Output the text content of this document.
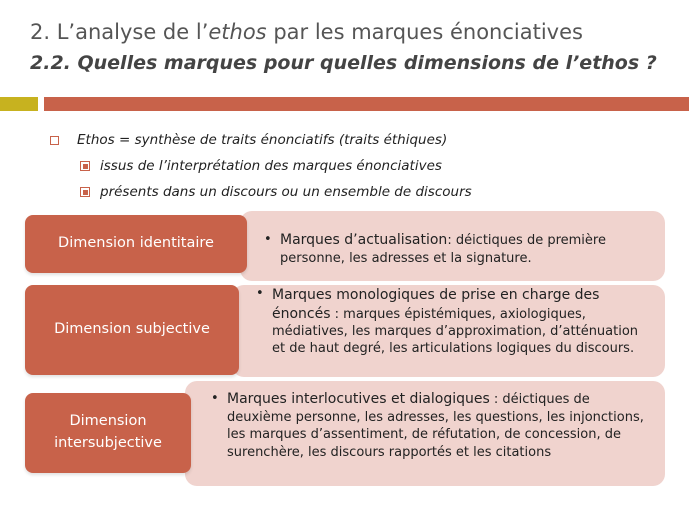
2. L’analyse de l’ethos par les marques énonciatives
2.2. Quelles marques pour quelles dimensions de l’ethos ?
Ethos = synthèse de traits énonciatifs (traits éthiques)
issus de l’interprétation des marques énonciatives
présents dans un discours ou un ensemble de discours
Dimension identitaire	• Marques d’actualisation: déictiques de première personne, les adresses et la signature.
Dimension subjective
• Marques monologiques de prise en charge des énoncés : marques épistémiques, axiologiques, médiatives, les marques d’approximation, d’atténuation et de haut degré, les articulations logiques du discours.
Dimension
intersubjective
• Marques interlocutives et dialogiques : déictiques de deuxième personne, les adresses, les questions, les injonctions, les marques d’assentiment, de réfutation, de concession, de surenchère, les discours rapportés et les citations
